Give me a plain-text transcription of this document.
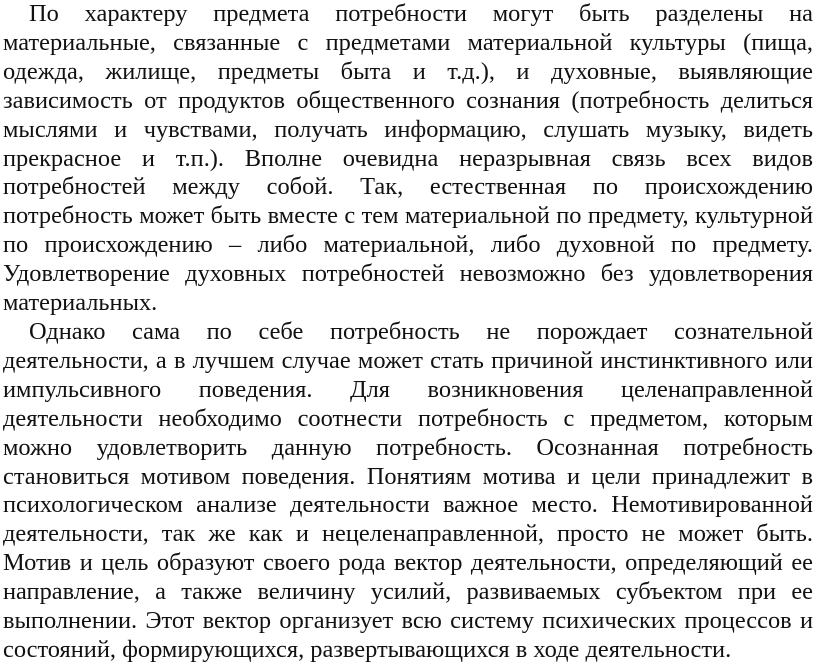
По характеру предмета потребности могут быть разделены на материальные, связанные с предметами материальной культуры (пища, одежда, жилище, предметы быта и т.д.), и духовные, выявляющие зависимость от продуктов общественного сознания (потребность делиться мыслями и чувствами, получать информацию, слушать музыку, видеть прекрасное и т.п.). Вполне очевидна неразрывная связь всех видов потребностей между собой. Так, естественная по происхождению потребность может быть вместе с тем материальной по предмету, культурной по происхождению – либо материальной, либо духовной по предмету. Удовлетворение духовных потребностей невозможно без удовлетворения материальных.

Однако сама по себе потребность не порождает сознательной деятельности, а в лучшем случае может стать причиной инстинктивного или импульсивного поведения. Для возникновения целенаправленной деятельности необходимо соотнести потребность с предметом, которым можно удовлетворить данную потребность. Осознанная потребность становиться мотивом поведения. Понятиям мотива и цели принадлежит в психологическом анализе деятельности важное место. Немотивированной деятельности, так же как и нецеленаправленной, просто не может быть. Мотив и цель образуют своего рода вектор деятельности, определяющий ее направление, а также величину усилий, развиваемых субъектом при ее выполнении. Этот вектор организует всю систему психических процессов и состояний, формирующихся, развертывающихся в ходе деятельности.
